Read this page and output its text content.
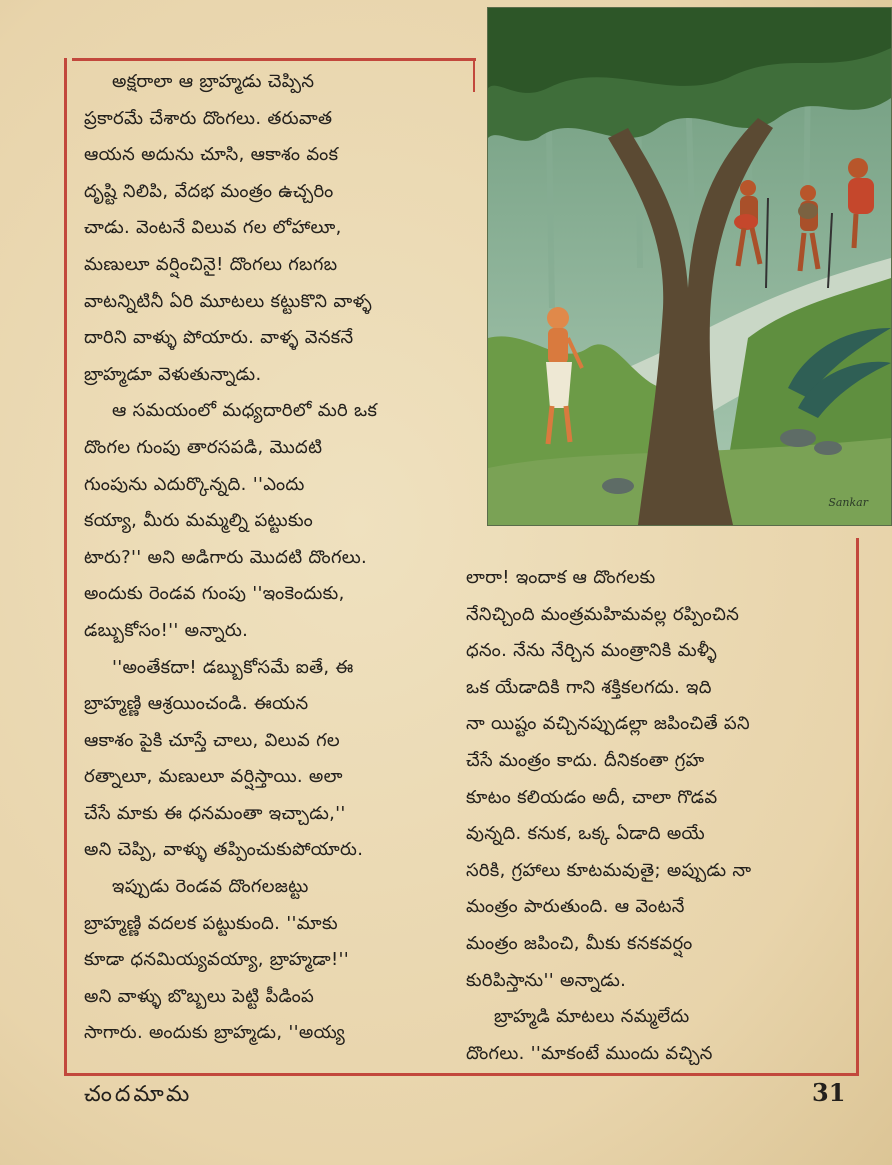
Sankar

అక్షరాలా ఆ బ్రాహ్మడు చెప్పిన
ప్రకారమే చేశారు దొంగలు. తరువాత
ఆయన అదును చూసి, ఆకాశం వంక
దృష్టి నిలిపి, వేదభ మంత్రం ఉచ్చరిం
చాడు. వెంటనే విలువ గల లోహాలూ,
మణులూ వర్షించినై! దొంగలు గబగబ
వాటన్నిటినీ ఏరి మూటలు కట్టుకొని వాళ్ళ
దారిని వాళ్ళు పోయారు. వాళ్ళ వెనకనే
బ్రాహ్మడూ వెళుతున్నాడు.

ఆ సమయంలో మధ్యదారిలో మరి ఒక
దొంగల గుంపు తారసపడి, మొదటి
గుంపును ఎదుర్కొన్నది. ''ఎందు
కయ్యా, మీరు మమ్మల్ని పట్టుకుం
టారు?'' అని అడిగారు మొదటి దొంగలు.
అందుకు రెండవ గుంపు ''ఇంకెందుకు,
డబ్బుకోసం!'' అన్నారు.

''అంతేకదా! డబ్బుకోసమే ఐతే, ఈ
బ్రాహ్మణ్ణి ఆశ్రయించండి. ఈయన
ఆకాశం పైకి చూస్తే చాలు, విలువ గల
రత్నాలూ, మణులూ వర్షిస్తాయి. అలా
చేసే మాకు ఈ ధనమంతా ఇచ్చాడు,''
అని చెప్పి, వాళ్ళు తప్పించుకుపోయారు.

ఇప్పుడు రెండవ దొంగలజట్టు
బ్రాహ్మణ్ణి వదలక పట్టుకుంది. ''మాకు
కూడా ధనమియ్యవయ్యా, బ్రాహ్మడా!''
అని వాళ్ళు బొబ్బలు పెట్టి పీడింప
సాగారు. అందుకు బ్రాహ్మడు, ''అయ్య

లారా! ఇందాక ఆ దొంగలకు
నేనిచ్చింది మంత్రమహిమవల్ల రప్పించిన
ధనం. నేను నేర్చిన మంత్రానికి మళ్ళీ
ఒక యేడాదికి గాని శక్తికలగదు. ఇది
నా యిష్టం వచ్చినప్పుడల్లా జపించితే పని
చేసే మంత్రం కాదు. దీనికంతా గ్రహ
కూటం కలియడం అదీ, చాలా గొడవ
వున్నది. కనుక, ఒక్క ఏడాది అయే
సరికి, గ్రహాలు కూటమవుతై; అప్పుడు నా
మంత్రం పారుతుంది. ఆ వెంటనే
మంత్రం జపించి, మీకు కనకవర్షం
కురిపిస్తాను'' అన్నాడు.

బ్రాహ్మడి మాటలు నమ్మలేదు
దొంగలు. ''మాకంటే ముందు వచ్చిన

చందమామ	31
